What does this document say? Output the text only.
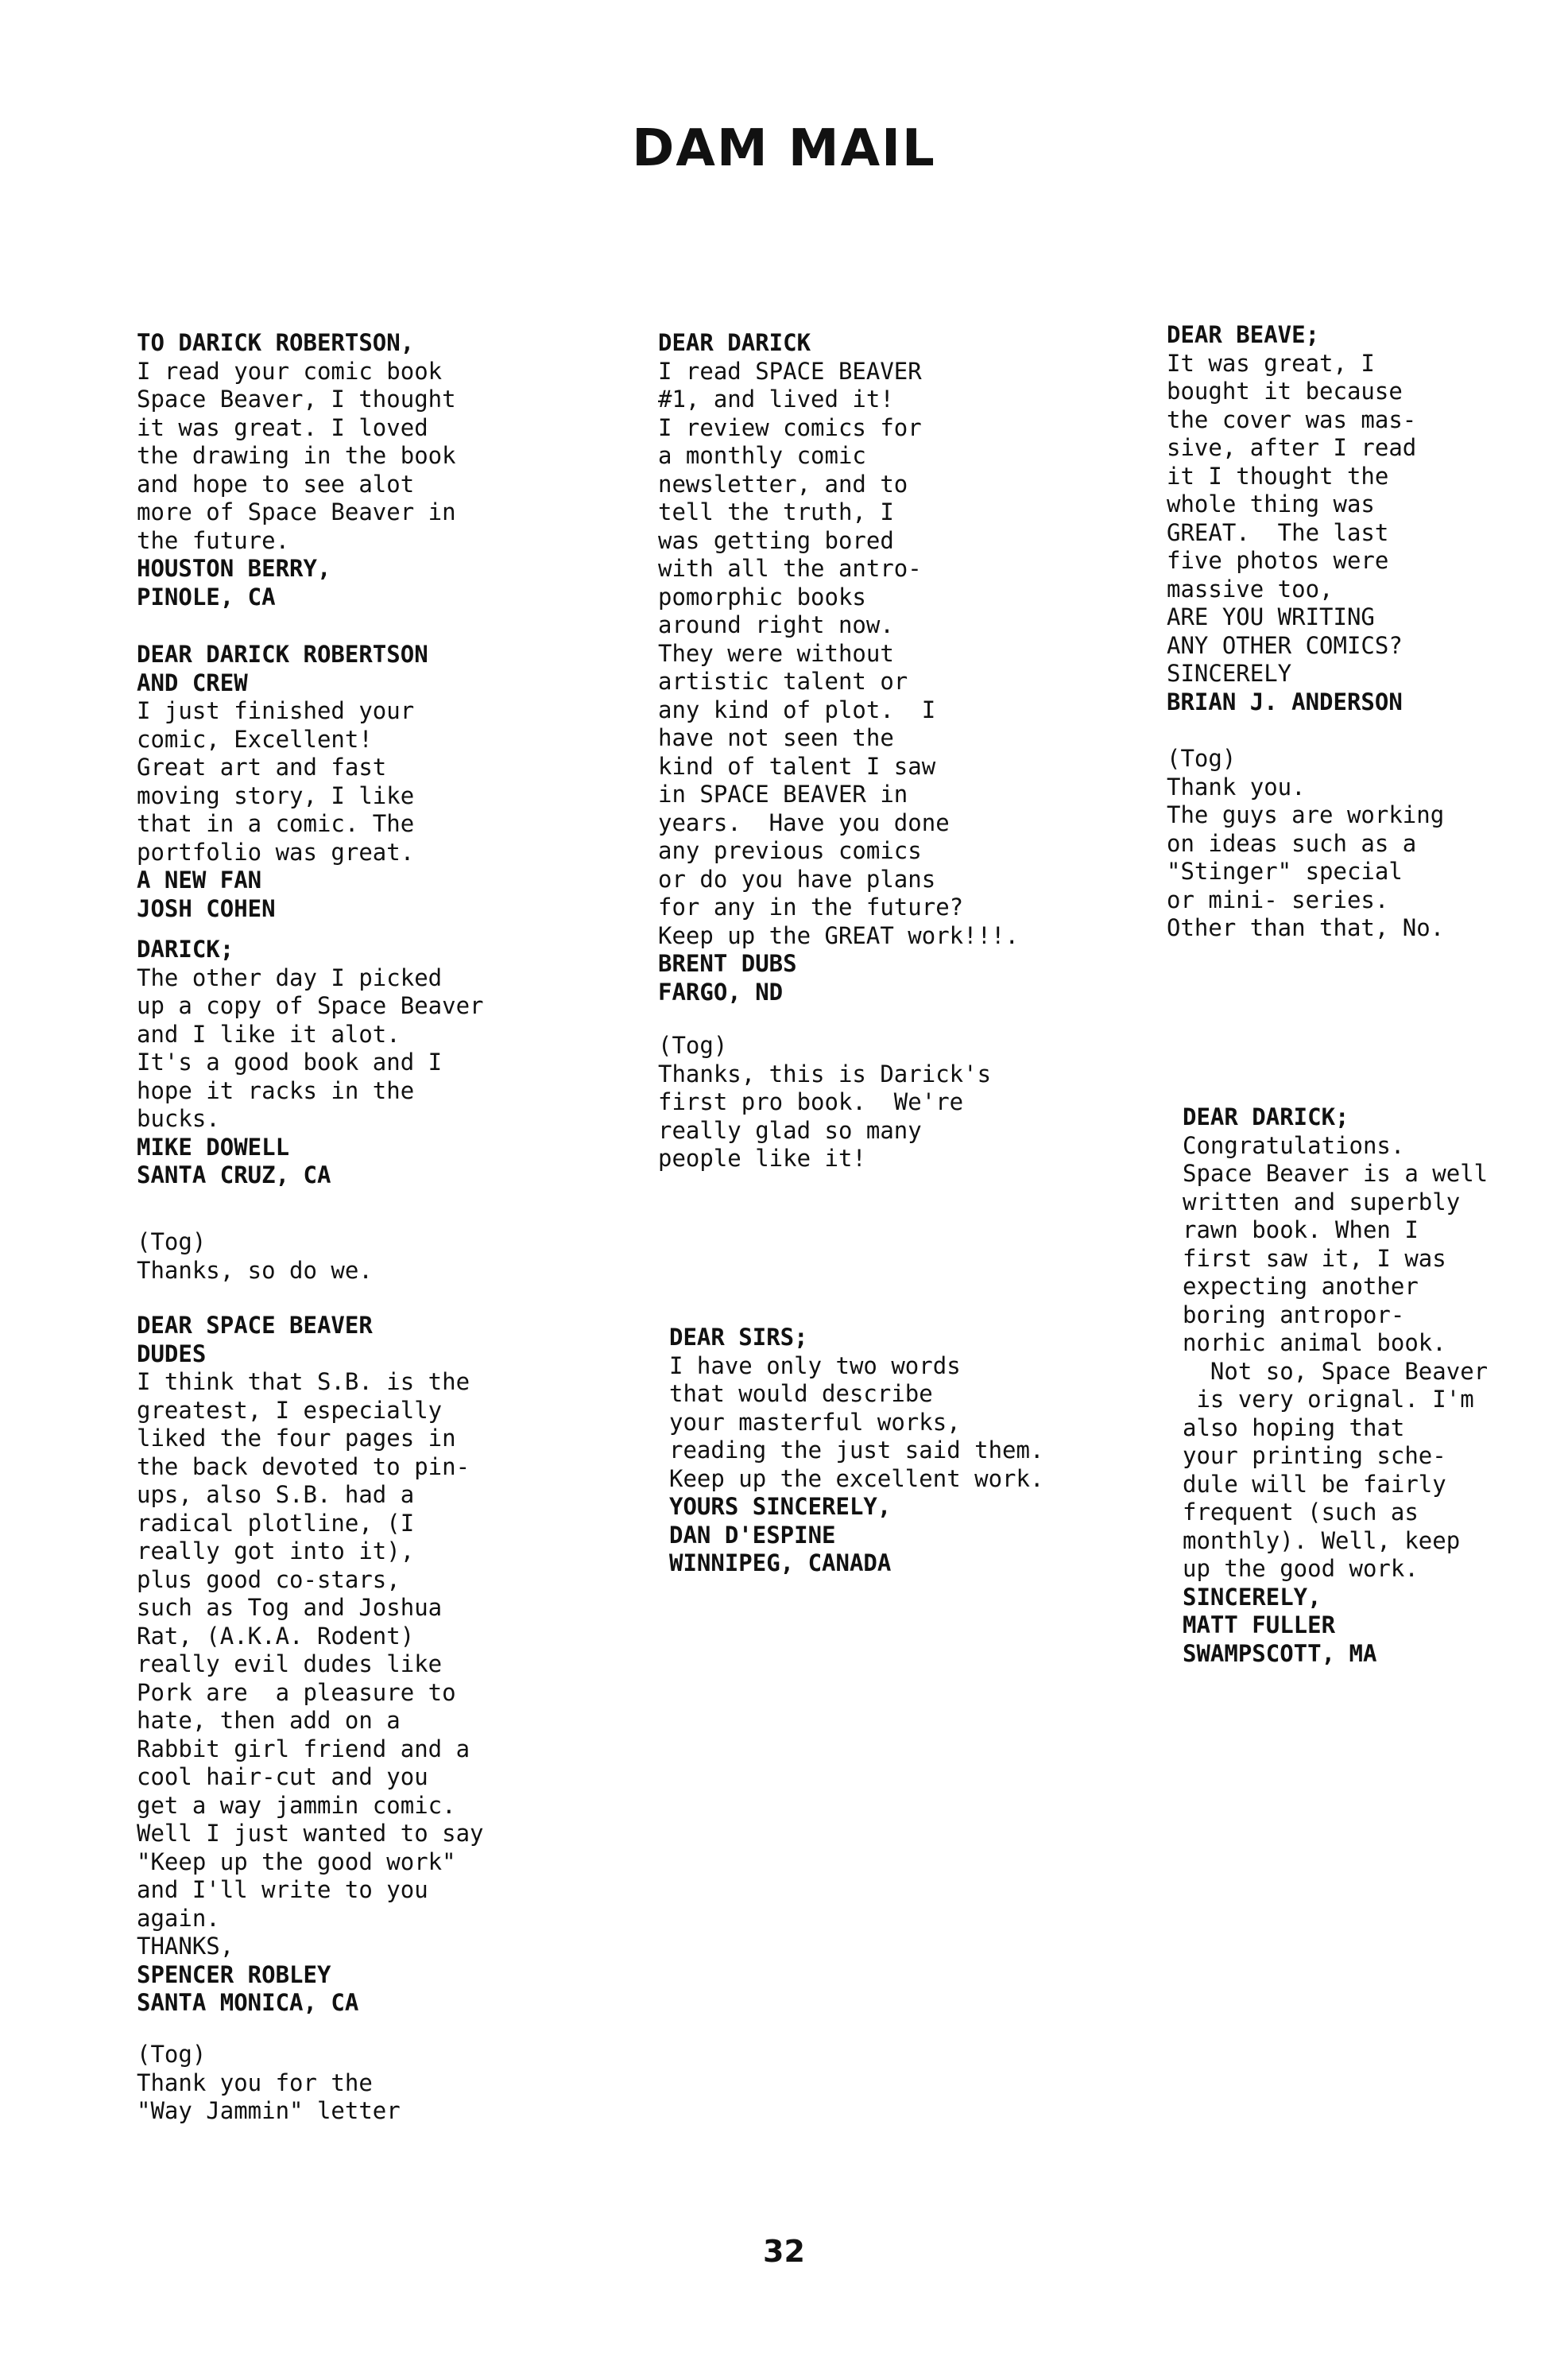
DAM MAIL
TO DARICK ROBERTSON,
I read your comic book
Space Beaver, I thought
it was great. I loved
the drawing in the book
and hope to see alot
more of Space Beaver in
the future.
HOUSTON BERRY,
PINOLE, CA
DEAR DARICK ROBERTSON
AND CREW
I just finished your
comic, Excellent!
Great art and fast
moving story, I like
that in a comic. The
portfolio was great.
A NEW FAN
JOSH COHEN
DARICK;
The other day I picked
up a copy of Space Beaver
and I like it alot.
It's a good book and I
hope it racks in the
bucks.
MIKE DOWELL
SANTA CRUZ, CA
(Tog)
Thanks, so do we.
DEAR SPACE BEAVER
DUDES
I think that S.B. is the
greatest, I especially
liked the four pages in
the back devoted to pin-
ups, also S.B. had a
radical plotline, (I
really got into it),
plus good co-stars,
such as Tog and Joshua
Rat, (A.K.A. Rodent)
really evil dudes like
Pork are  a pleasure to
hate, then add on a
Rabbit girl friend and a
cool hair-cut and you
get a way jammin comic.
Well I just wanted to say
"Keep up the good work"
and I'll write to you
again.
THANKS,
SPENCER ROBLEY
SANTA MONICA, CA
(Tog)
Thank you for the
"Way Jammin" letter
DEAR DARICK
I read SPACE BEAVER
#1, and lived it!
I review comics for
a monthly comic
newsletter, and to
tell the truth, I
was getting bored
with all the antro-
pomorphic books
around right now.
They were without
artistic talent or
any kind of plot.  I
have not seen the
kind of talent I saw
in SPACE BEAVER in
years.  Have you done
any previous comics
or do you have plans
for any in the future?
Keep up the GREAT work!!!.
BRENT DUBS
FARGO, ND
(Tog)
Thanks, this is Darick's
first pro book.  We're
really glad so many
people like it!
DEAR SIRS;
I have only two words
that would describe
your masterful works,
reading the just said them.
Keep up the excellent work.
YOURS SINCERELY,
DAN D'ESPINE
WINNIPEG, CANADA
DEAR BEAVE;
It was great, I
bought it because
the cover was mas-
sive, after I read
it I thought the
whole thing was
GREAT.  The last
five photos were
massive too,
ARE YOU WRITING
ANY OTHER COMICS?
SINCERELY
BRIAN J. ANDERSON
(Tog)
Thank you.
The guys are working
on ideas such as a
"Stinger" special
or mini- series.
Other than that, No.
DEAR DARICK;
Congratulations.
Space Beaver is a well
written and superbly
rawn book. When I
first saw it, I was
expecting another
boring antropor-
norhic animal book.
Not so, Space Beaver
is very orignal. I'm
also hoping that
your printing sche-
dule will be fairly
frequent (such as
monthly). Well, keep
up the good work.
SINCERELY,
MATT FULLER
SWAMPSCOTT, MA
32
